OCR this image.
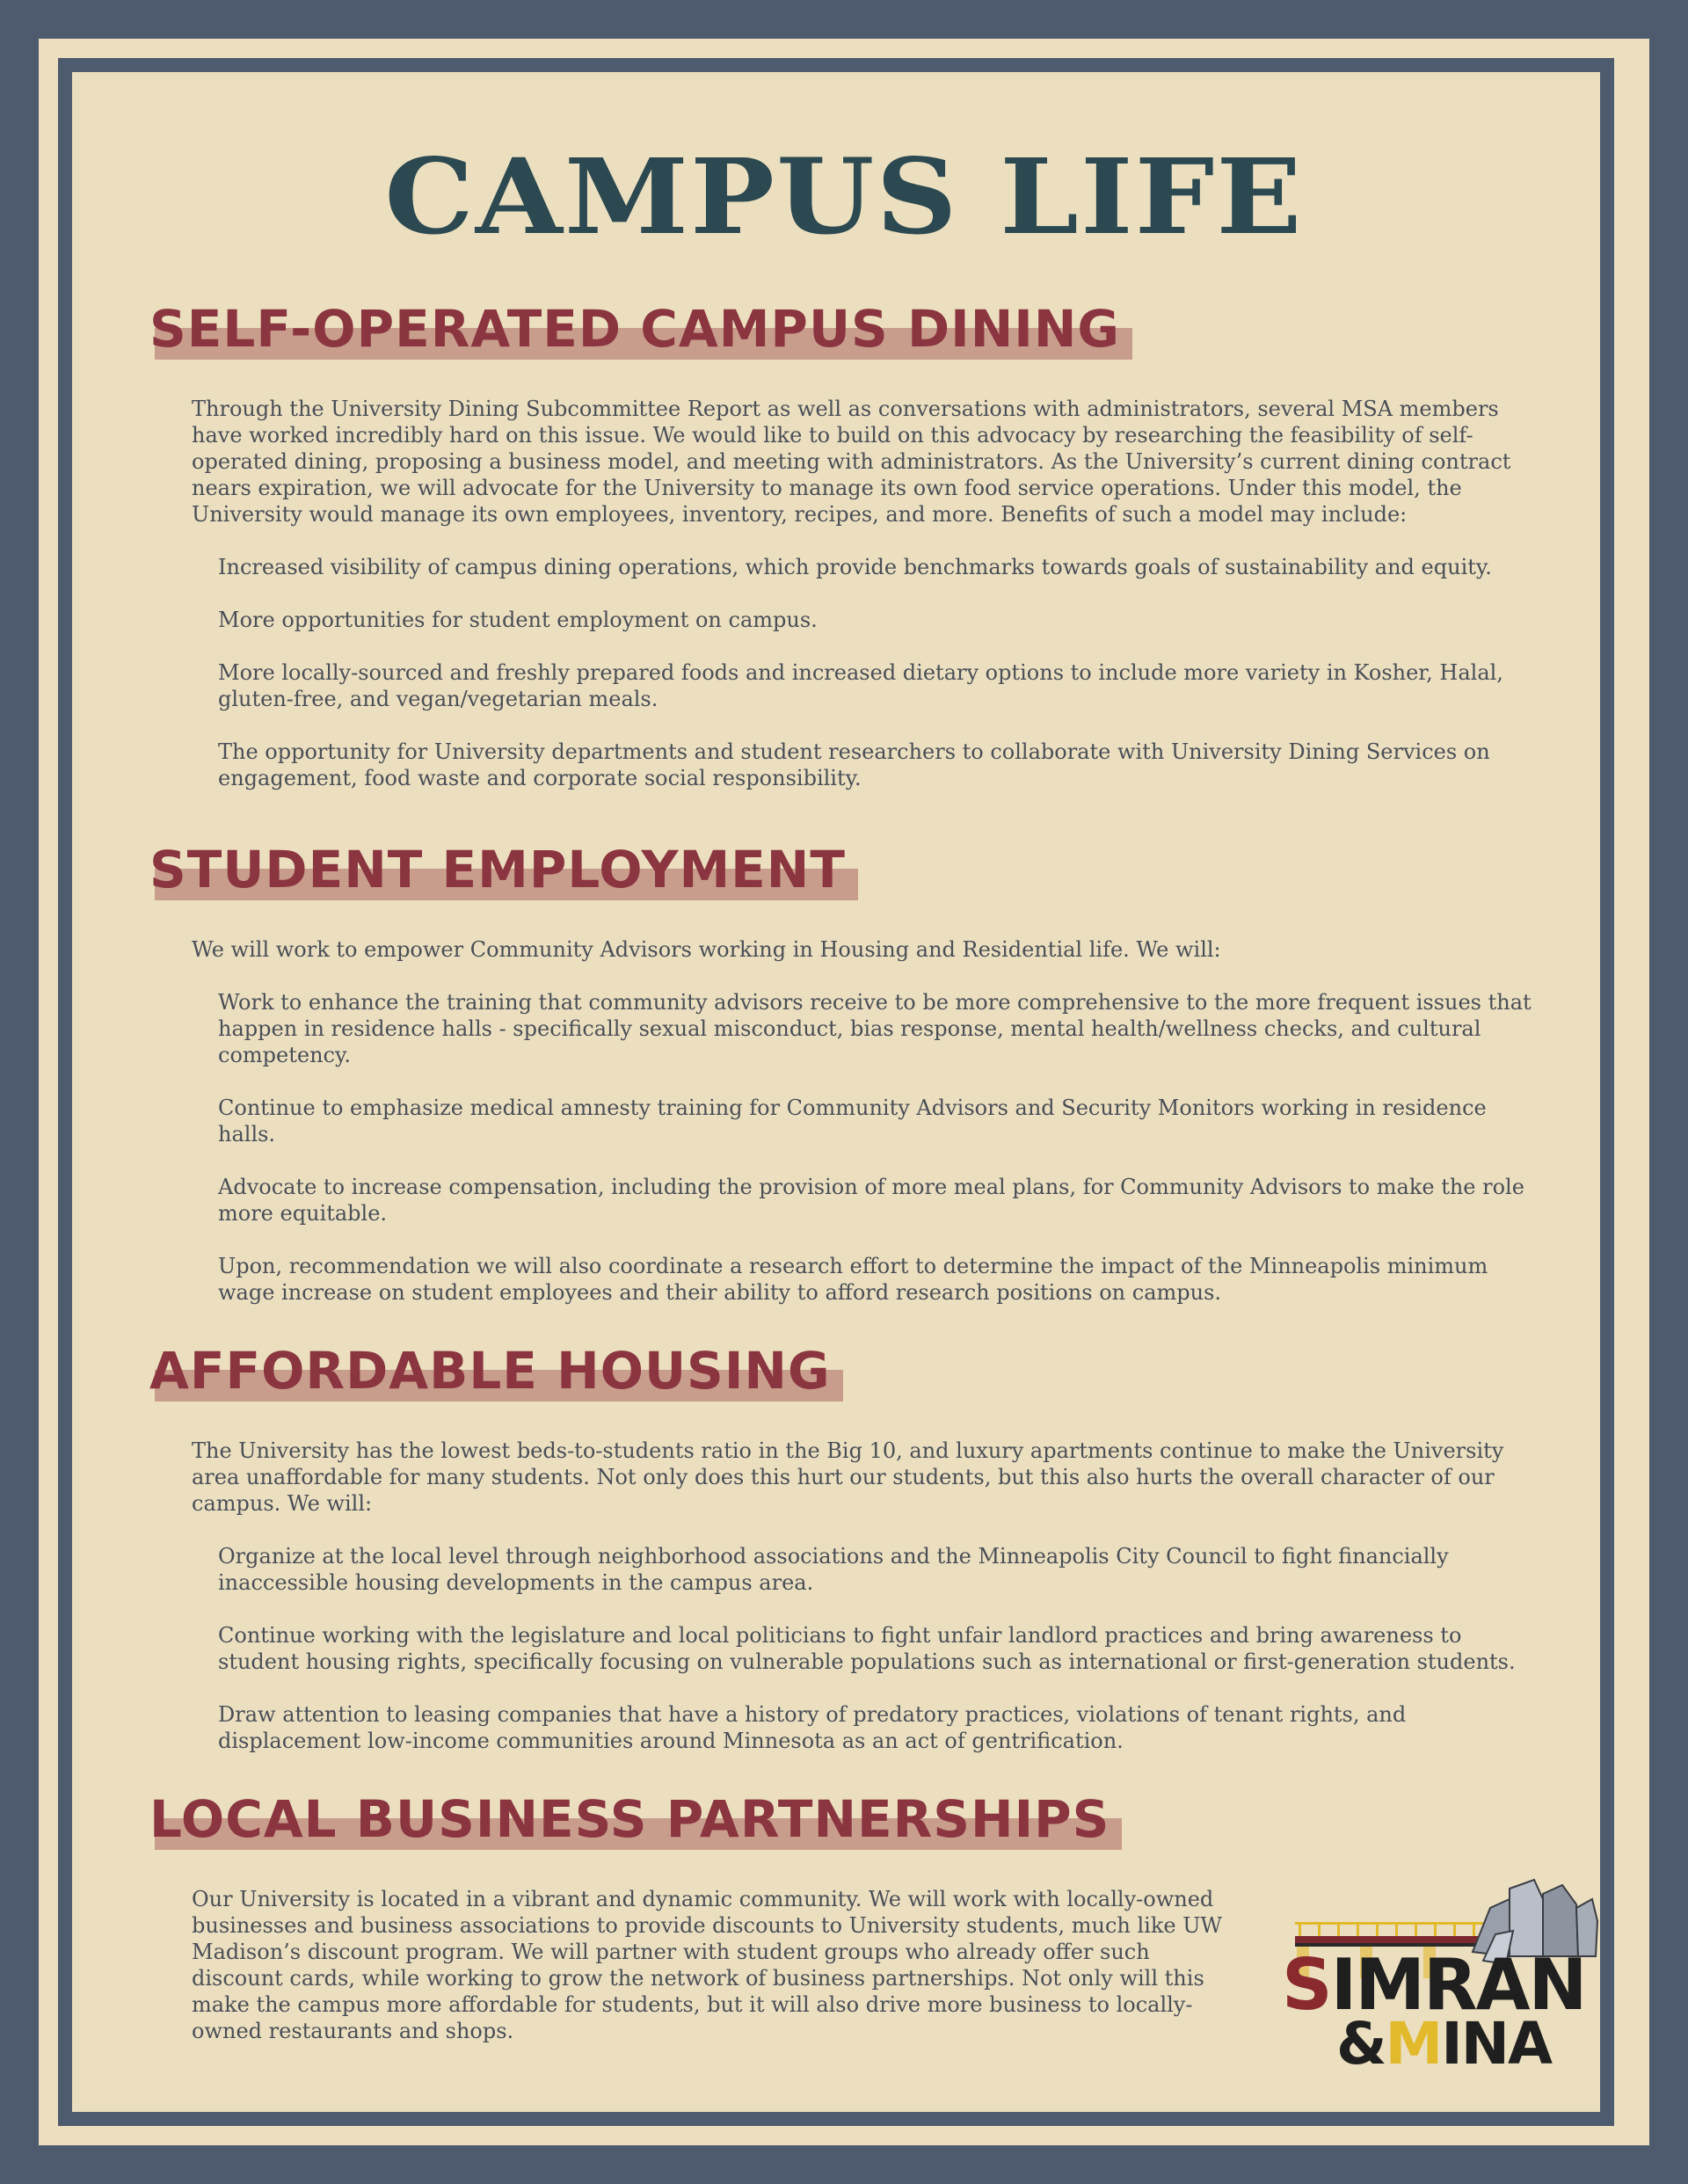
CAMPUS LIFE
SELF-OPERATED CAMPUS DINING

Through the University Dining Subcommittee Report as well as conversations with administrators, several MSA members have worked incredibly hard on this issue. We would like to build on this advocacy by researching the feasibility of self-operated dining, proposing a business model, and meeting with administrators. As the University’s current dining contract nears expiration, we will advocate for the University to manage its own food service operations. Under this model, the University would manage its own employees, inventory, recipes, and more. Benefits of such a model may include:

Increased visibility of campus dining operations, which provide benchmarks towards goals of sustainability and equity.

More opportunities for student employment on campus.

More locally-sourced and freshly prepared foods and increased dietary options to include more variety in Kosher, Halal, gluten-free, and vegan/vegetarian meals.

The opportunity for University departments and student researchers to collaborate with University Dining Services on engagement, food waste and corporate social responsibility.

STUDENT EMPLOYMENT

We will work to empower Community Advisors working in Housing and Residential life. We will:

Work to enhance the training that community advisors receive to be more comprehensive to the more frequent issues that happen in residence halls - specifically sexual misconduct, bias response, mental health/wellness checks, and cultural competency.

Continue to emphasize medical amnesty training for Community Advisors and Security Monitors working in residence halls.

Advocate to increase compensation, including the provision of more meal plans, for Community Advisors to make the role more equitable.

Upon, recommendation we will also coordinate a research effort to determine the impact of the Minneapolis minimum wage increase on student employees and their ability to afford research positions on campus.

AFFORDABLE HOUSING

The University has the lowest beds-to-students ratio in the Big 10, and luxury apartments continue to make the University area unaffordable for many students. Not only does this hurt our students, but this also hurts the overall character of our campus. We will:

Organize at the local level through neighborhood associations and the Minneapolis City Council to fight financially inaccessible housing developments in the campus area.

Continue working with the legislature and local politicians to fight unfair landlord practices and bring awareness to student housing rights, specifically focusing on vulnerable populations such as international or first-generation students.

Draw attention to leasing companies that have a history of predatory practices, violations of tenant rights, and displacement low-income communities around Minnesota as an act of gentrification.

LOCAL BUSINESS PARTNERSHIPS

Our University is located in a vibrant and dynamic community. We will work with locally-owned businesses and business associations to provide discounts to University students, much like UW Madison’s discount program. We will partner with student groups who already offer such discount cards, while working to grow the network of business partnerships. Not only will this make the campus more affordable for students, but it will also drive more business to locally-owned restaurants and shops.

SIMRAN
&MINA
